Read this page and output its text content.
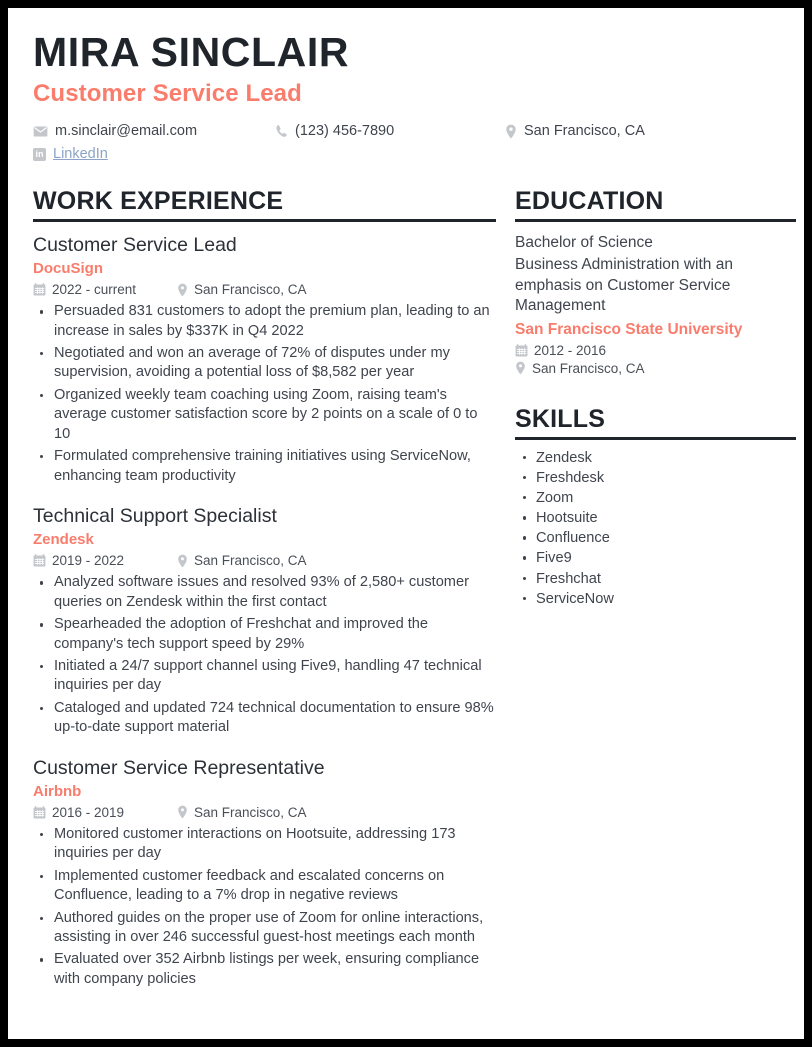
MIRA SINCLAIR
Customer Service Lead
m.sinclair@email.com	(123) 456-7890	San Francisco, CA
in LinkedIn
WORK EXPERIENCE
Customer Service Lead
DocuSign
2022 - current	San Francisco, CA
Persuaded 831 customers to adopt the premium plan, leading to an increase in sales by $337K in Q4 2022
Negotiated and won an average of 72% of disputes under my supervision, avoiding a potential loss of $8,582 per year
Organized weekly team coaching using Zoom, raising team's average customer satisfaction score by 2 points on a scale of 0 to 10
Formulated comprehensive training initiatives using ServiceNow, enhancing team productivity
Technical Support Specialist
Zendesk
2019 - 2022	San Francisco, CA
Analyzed software issues and resolved 93% of 2,580+ customer queries on Zendesk within the first contact
Spearheaded the adoption of Freshchat and improved the company's tech support speed by 29%
Initiated a 24/7 support channel using Five9, handling 47 technical inquiries per day
Cataloged and updated 724 technical documentation to ensure 98% up-to-date support material
Customer Service Representative
Airbnb
2016 - 2019	San Francisco, CA
Monitored customer interactions on Hootsuite, addressing 173 inquiries per day
Implemented customer feedback and escalated concerns on Confluence, leading to a 7% drop in negative reviews
Authored guides on the proper use of Zoom for online interactions, assisting in over 246 successful guest-host meetings each month
Evaluated over 352 Airbnb listings per week, ensuring compliance with company policies
EDUCATION
Bachelor of Science
Business Administration with an emphasis on Customer Service Management
San Francisco State University
2012 - 2016
San Francisco, CA
SKILLS
Zendesk
Freshdesk
Zoom
Hootsuite
Confluence
Five9
Freshchat
ServiceNow
